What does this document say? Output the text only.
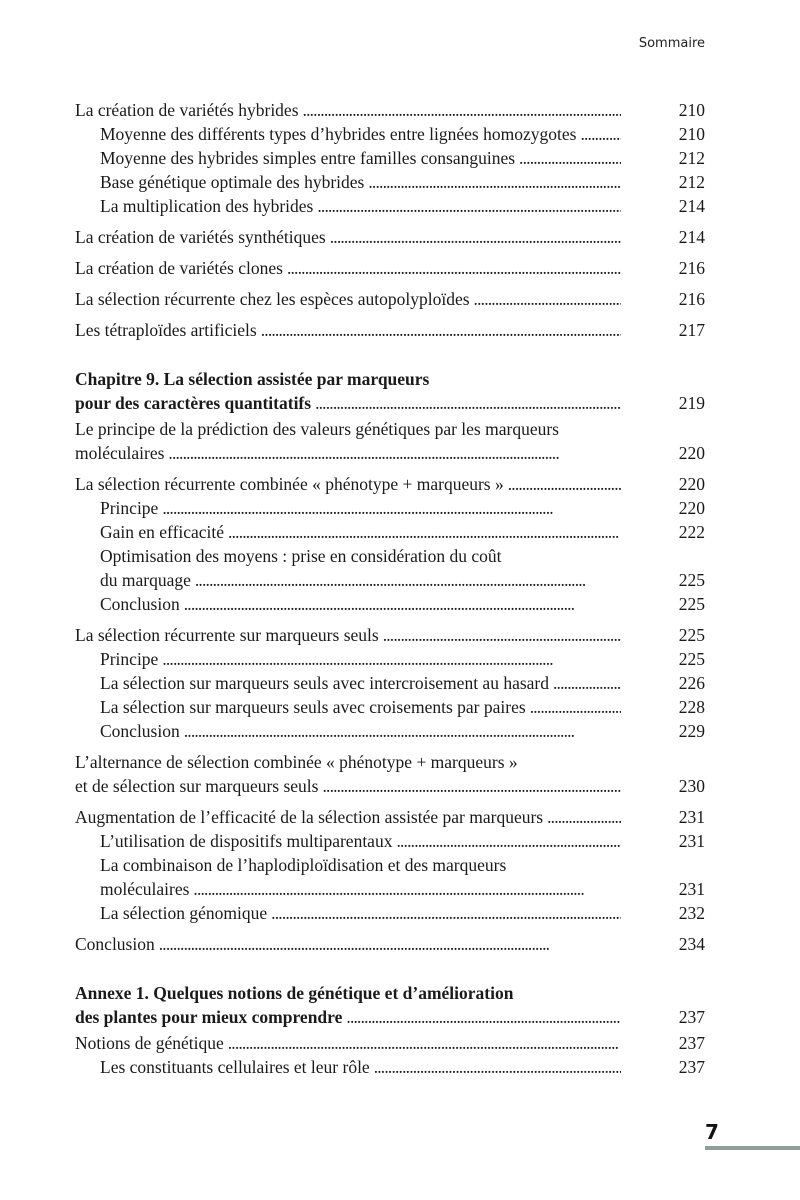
Sommaire
La création de variétés hybrides . . .	210
Moyenne des différents types d’hybrides entre lignées homozygotes . . .	210
Moyenne des hybrides simples entre familles consanguines . . .	212
Base génétique optimale des hybrides . . .	212
La multiplication des hybrides . . .	214
La création de variétés synthétiques . . .	214
La création de variétés clones . . .	216
La sélection récurrente chez les espèces autopolyploïdes . . .	216
Les tétraploïdes artificiels . . .	217
Chapitre 9. La sélection assistée par marqueurs
pour des caractères quantitatifs . . .	219
Le principe de la prédiction des valeurs génétiques par les marqueurs
moléculaires . . .	220
La sélection récurrente combinée « phénotype + marqueurs » . . .	220
Principe . . .	220
Gain en efficacité . . .	222
Optimisation des moyens : prise en considération du coût
du marquage . . .	225
Conclusion . . .	225
La sélection récurrente sur marqueurs seuls . . .	225
Principe . . .	225
La sélection sur marqueurs seuls avec intercroisement au hasard . . .	226
La sélection sur marqueurs seuls avec croisements par paires . . .	228
Conclusion . . .	229
L’alternance de sélection combinée « phénotype + marqueurs »
et de sélection sur marqueurs seuls . . .	230
Augmentation de l’efficacité de la sélection assistée par marqueurs . . .	231
L’utilisation de dispositifs multiparentaux . . .	231
La combinaison de l’haplodiploïdisation et des marqueurs
moléculaires . . .	231
La sélection génomique . . .	232
Conclusion . . .	234
Annexe 1. Quelques notions de génétique et d’amélioration
des plantes pour mieux comprendre . . .	237
Notions de génétique . . .	237
Les constituants cellulaires et leur rôle . . .	237
7
